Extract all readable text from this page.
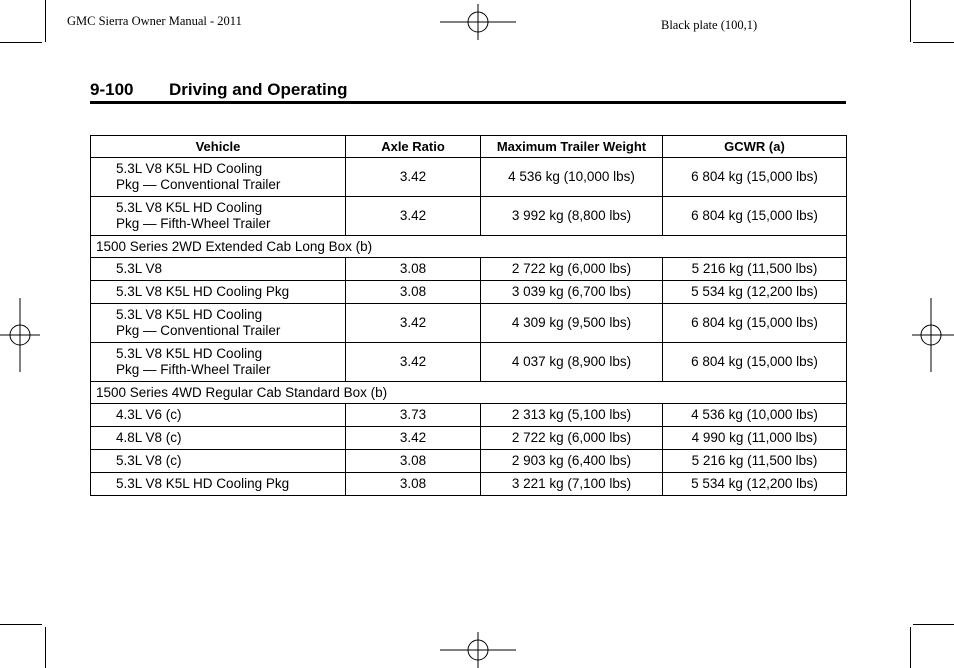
GMC Sierra Owner Manual - 2011	Black plate (100,1)
9-100 Driving and Operating
Vehicle	Axle Ratio	Maximum Trailer Weight	GCWR (a)

5.3L V8 K5L HD Cooling
Pkg — Conventional Trailer	3.42	4 536 kg (10,000 lbs)	6 804 kg (15,000 lbs)

5.3L V8 K5L HD Cooling
Pkg — Fifth-Wheel Trailer	3.42	3 992 kg (8,800 lbs)	6 804 kg (15,000 lbs)
1500 Series 2WD Extended Cab Long Box (b)			

5.3L V8	3.08	2 722 kg (6,000 lbs)	5 216 kg (11,500 lbs)

5.3L V8 K5L HD Cooling Pkg	3.08	3 039 kg (6,700 lbs)	5 534 kg (12,200 lbs)

5.3L V8 K5L HD Cooling
Pkg — Conventional Trailer	3.42	4 309 kg (9,500 lbs)	6 804 kg (15,000 lbs)

5.3L V8 K5L HD Cooling
Pkg — Fifth-Wheel Trailer	3.42	4 037 kg (8,900 lbs)	6 804 kg (15,000 lbs)
1500 Series 4WD Regular Cab Standard Box (b)			

4.3L V6 (c)	3.73	2 313 kg (5,100 lbs)	4 536 kg (10,000 lbs)

4.8L V8 (c)	3.42	2 722 kg (6,000 lbs)	4 990 kg (11,000 lbs)

5.3L V8 (c)	3.08	2 903 kg (6,400 lbs)	5 216 kg (11,500 lbs)

5.3L V8 K5L HD Cooling Pkg	3.08	3 221 kg (7,100 lbs)	5 534 kg (12,200 lbs)
